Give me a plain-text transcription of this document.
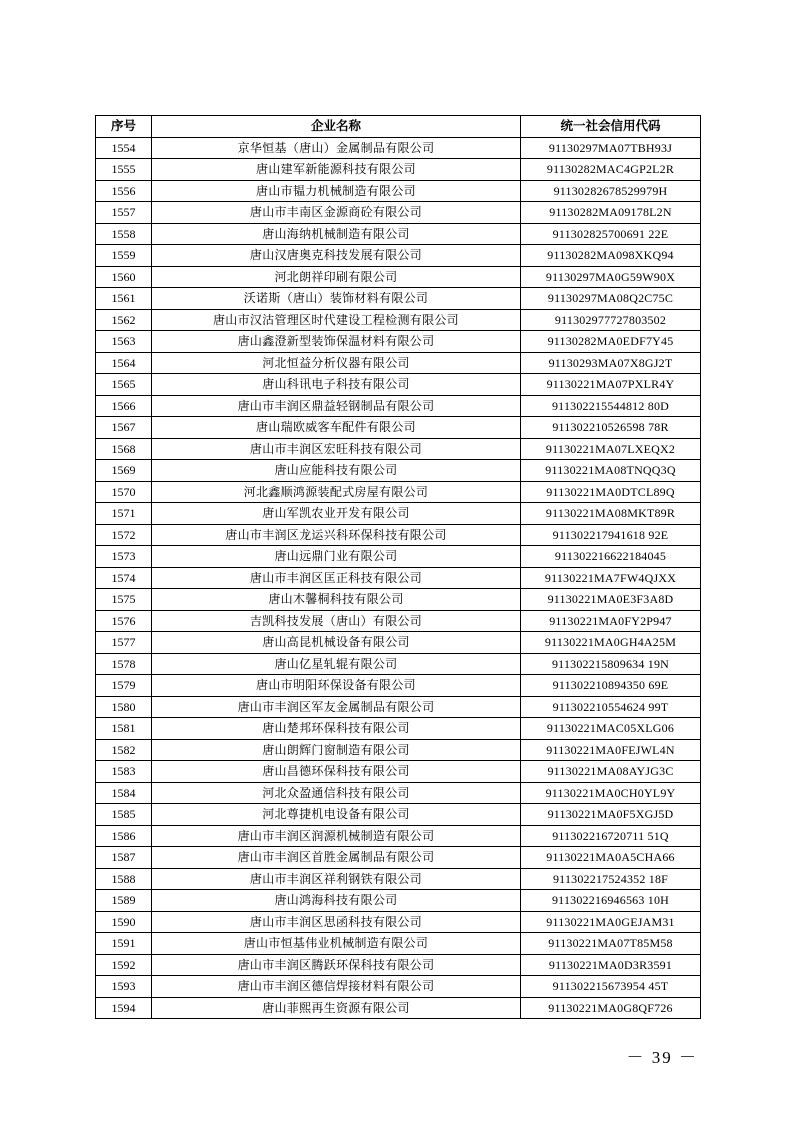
序号	企业名称	统一社会信用代码
1554	京华恒基（唐山）金属制品有限公司	91130297MA07TBH93J
1555	唐山建军新能源科技有限公司	91130282MAC4GP2L2R
1556	唐山市韫力机械制造有限公司	91130282678529979H
1557	唐山市丰南区金源商砼有限公司	91130282MA09178L2N
1558	唐山海纳机械制造有限公司	911302825700691 22E
1559	唐山汉唐奥克科技发展有限公司	91130282MA098XKQ94
1560	河北朗祥印刷有限公司	91130297MA0G59W90X
1561	沃诺斯（唐山）装饰材料有限公司	91130297MA08Q2C75C
1562	唐山市汉沽管理区时代建设工程检测有限公司	911302977727803502
1563	唐山鑫澄新型装饰保温材料有限公司	91130282MA0EDF7Y45
1564	河北恒益分析仪器有限公司	91130293MA07X8GJ2T
1565	唐山科讯电子科技有限公司	91130221MA07PXLR4Y
1566	唐山市丰润区鼎益轻钢制品有限公司	911302215544812 80D
1567	唐山瑞欧威客车配件有限公司	911302210526598 78R
1568	唐山市丰润区宏旺科技有限公司	91130221MA07LXEQX2
1569	唐山应能科技有限公司	91130221MA08TNQQ3Q
1570	河北鑫顺鸿源装配式房屋有限公司	91130221MA0DTCL89Q
1571	唐山军凯农业开发有限公司	91130221MA08MKT89R
1572	唐山市丰润区龙运兴科环保科技有限公司	911302217941618 92E
1573	唐山远鼎门业有限公司	911302216622184045
1574	唐山市丰润区匡正科技有限公司	91130221MA7FW4QJXX
1575	唐山木馨桐科技有限公司	91130221MA0E3F3A8D
1576	吉凯科技发展（唐山）有限公司	91130221MA0FY2P947
1577	唐山高昆机械设备有限公司	91130221MA0GH4A25M
1578	唐山亿星轧辊有限公司	911302215809634 19N
1579	唐山市明阳环保设备有限公司	911302210894350 69E
1580	唐山市丰润区军友金属制品有限公司	911302210554624 99T
1581	唐山楚邦环保科技有限公司	91130221MAC05XLG06
1582	唐山朗辉门窗制造有限公司	91130221MA0FEJWL4N
1583	唐山昌德环保科技有限公司	91130221MA08AYJG3C
1584	河北众盈通信科技有限公司	91130221MA0CH0YL9Y
1585	河北尊捷机电设备有限公司	91130221MA0F5XGJ5D
1586	唐山市丰润区润源机械制造有限公司	911302216720711 51Q
1587	唐山市丰润区首胜金属制品有限公司	91130221MA0A5CHA66
1588	唐山市丰润区祥利钢铁有限公司	911302217524352 18F
1589	唐山鸿海科技有限公司	911302216946563 10H
1590	唐山市丰润区思函科技有限公司	91130221MA0GEJAM31
1591	唐山市恒基伟业机械制造有限公司	91130221MA07T85M58
1592	唐山市丰润区腾跃环保科技有限公司	91130221MA0D3R3591
1593	唐山市丰润区德信焊接材料有限公司	911302215673954 45T
1594	唐山菲熙再生资源有限公司	91130221MA0G8QF726
－ 39 －
